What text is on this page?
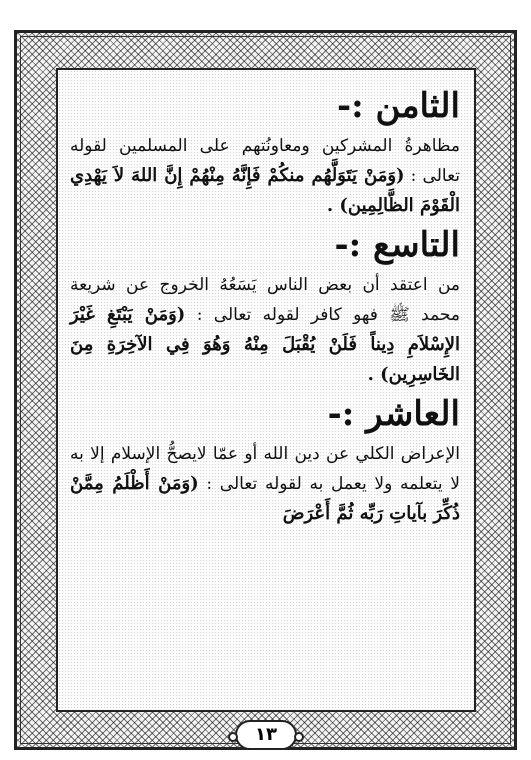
الثامن :-

مظاهرةُ المشركين ومعاونُتهم على المسلمين لقوله تعالى : (وَمَنْ يَتَوَلَّهُم منكُمْ فَإِنَّهُ مِنْهُمْ إِنَّ اللهَ لاَ يَهْدِي الْقَوْمَ الظَّالِمِين) .

التاسع :-

من اعتقد أن بعض الناس يَسَعُهُ الخروج عن شريعة محمد ﷺ فهو كافر لقوله تعالى : (وَمَنْ يَبْتَغِ غَيْرَ الإِسْلاَمِ دِيناً فَلَنْ يُقْبَلَ مِنْهُ وَهُوَ فِي الآخِرَةِ مِنَ الخَاسِرِين) .

العاشر :-

الإعراض الكلي عن دين الله أو عمّا لايصحُّ الإسلام إلا به لا يتعلمه ولا يعمل به لقوله تعالى : (وَمَنْ أَظْلَمُ مِمَّنْ ذُكِّرَ بآياتِ رَبِّه ثُمَّ أَعْرَضَ

١٣
